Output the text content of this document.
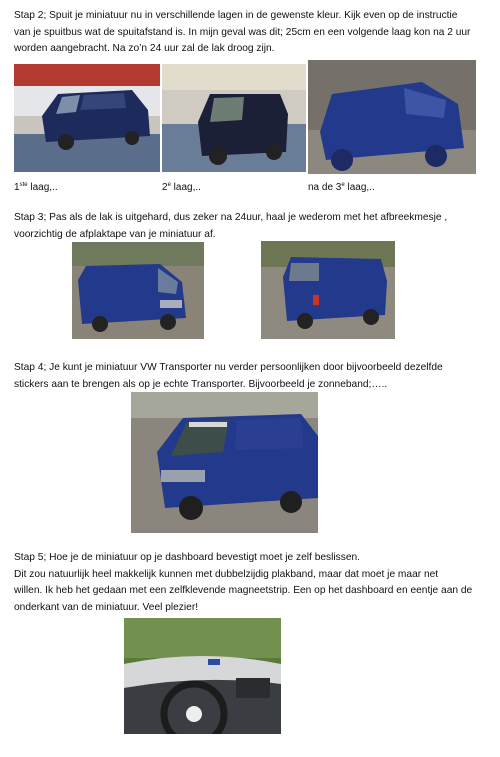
Stap 2; Spuit je miniatuur nu in verschillende lagen in de gewenste kleur. Kijk even op de instructie
van je spuitbus wat de spuitafstand is. In mijn geval was dit; 25cm en een volgende laag kon na 2 uur
worden aangebracht. Na zo’n 24 uur zal de lak droog zijn.

1ste laag,..	2e laag,..	na de 3e laag,..

Stap 3; Pas als de lak is uitgehard, dus zeker na 24uur, haal je wederom met het afbreekmesje ,
voorzichtig de afplaktape van je miniatuur af.

Stap 4; Je kunt je miniatuur VW Transporter nu verder persoonlijken door bijvoorbeeld dezelfde
stickers aan te brengen als op je echte Transporter. Bijvoorbeeld je zonneband;…..

Stap 5; Hoe je de miniatuur op je dashboard bevestigt moet je zelf beslissen.
Dit zou natuurlijk heel makkelijk kunnen met dubbelzijdig plakband, maar dat moet je maar net
willen. Ik heb het gedaan met een zelfklevende magneetstrip. Een op het dashboard en eentje aan de
onderkant van de miniatuur. Veel plezier!
